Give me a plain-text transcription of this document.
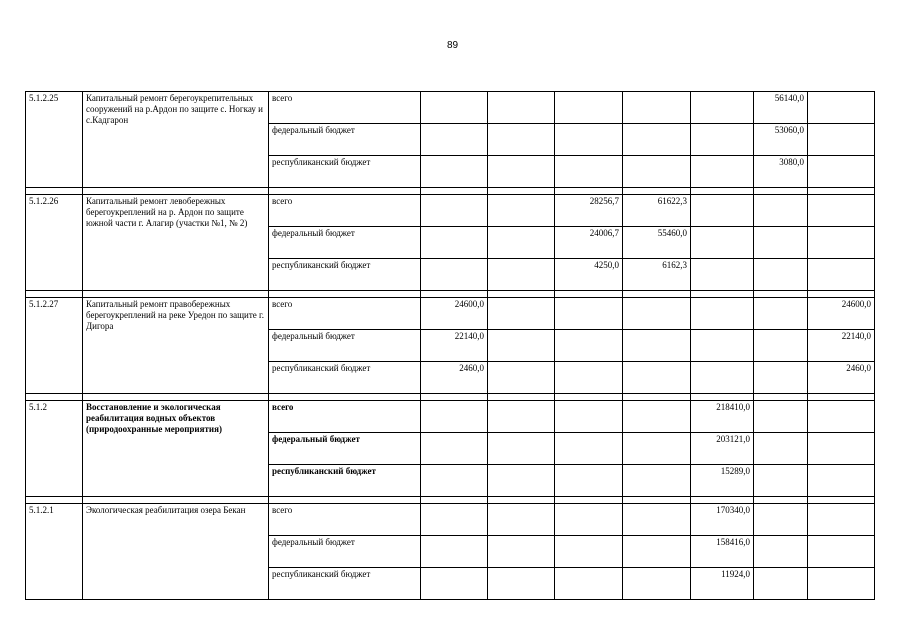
89
5.1.2.25	Капитальный ремонт берегоукрепительных сооружений на р.Ардон по защите с. Ногкау и с.Кадгарон	всего						56140,0	
		федеральный бюджет						53060,0	
		республиканский бюджет						3080,0	

5.1.2.26	Капитальный ремонт левобережных берегоукреплений на р. Ардон по защите южной части г. Алагир (участки №1, № 2)	всего			28256,7	61622,3			
		федеральный бюджет			24006,7	55460,0			
		республиканский бюджет			4250,0	6162,3			

5.1.2.27	Капитальный ремонт правобережных берегоукреплений на реке Уредон по защите г. Дигора	всего	24600,0						24600,0
		федеральный бюджет	22140,0						22140,0
		республиканский бюджет	2460,0						2460,0

5.1.2	Восстановление и экологическая реабилитация водных объектов (природоохранные мероприятия)	всего					218410,0		
		федеральный бюджет					203121,0		
		республиканский бюджет					15289,0		

5.1.2.1	Экологическая реабилитация озера Бекан	всего					170340,0		
		федеральный бюджет					158416,0		
		республиканский бюджет					11924,0		
